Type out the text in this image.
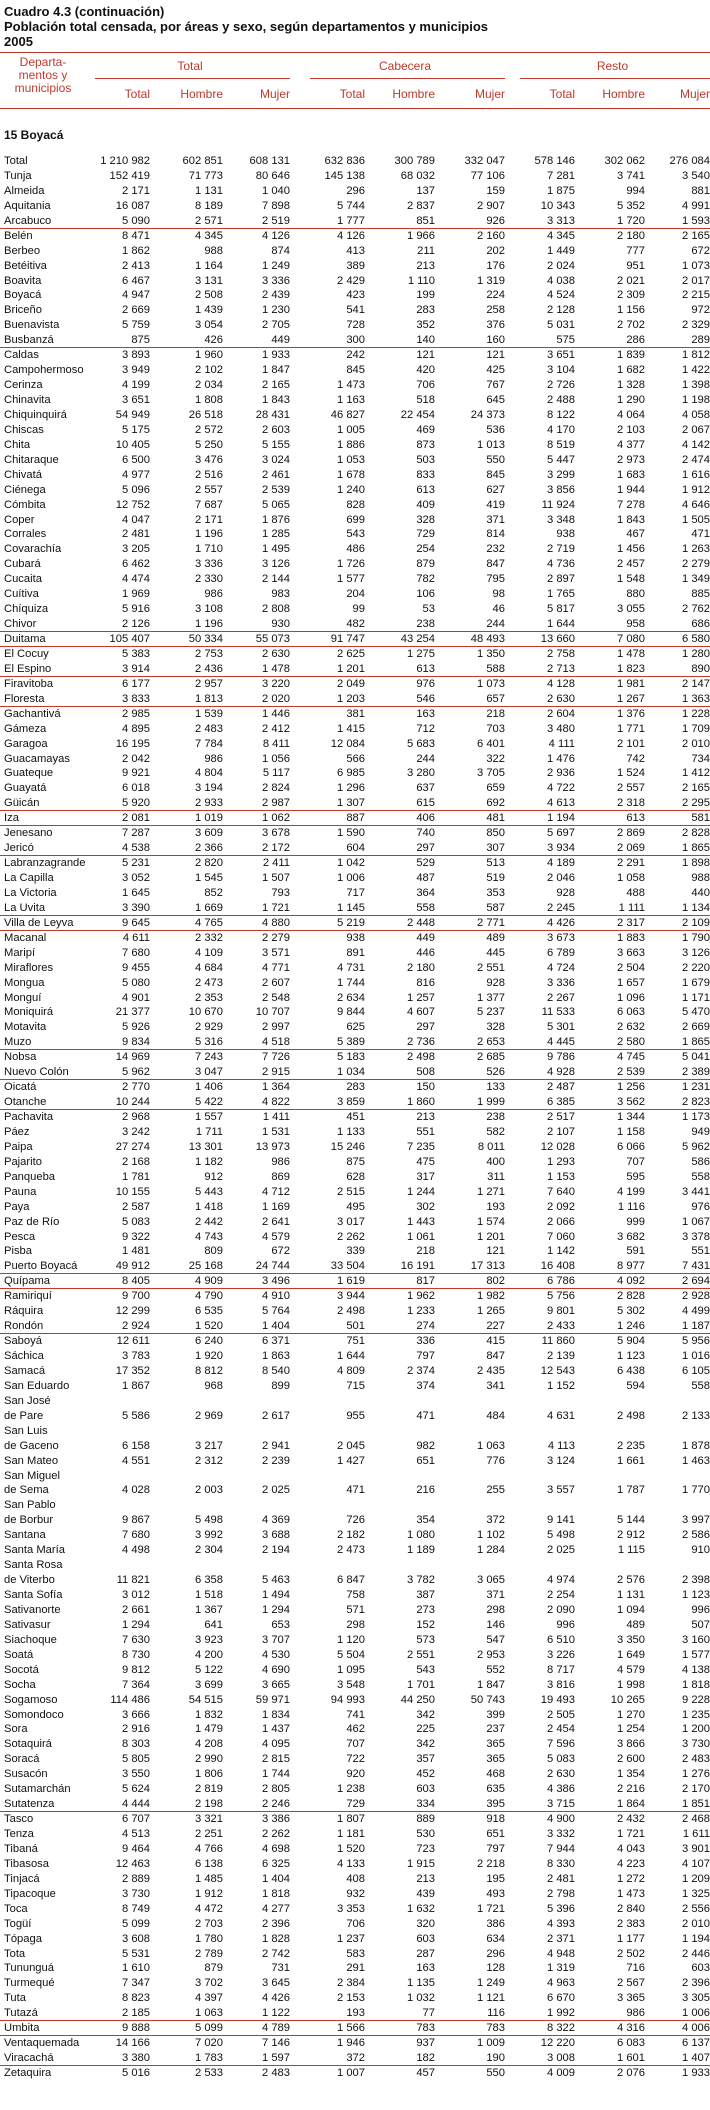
Cuadro 4.3 (continuación)
Población total censada, por áreas y sexo, según departamentos y municipios
2005
Departa-
mentos y
municipios
Total	Cabecera	Resto
Total	Hombre	Mujer	Total	Hombre	Mujer	Total	Hombre	Mujer
15 Boyacá
Total	1 210 982	602 851	608 131	632 836	300 789	332 047	578 146	302 062	276 084
Tunja	152 419	71 773	80 646	145 138	68 032	77 106	7 281	3 741	3 540
Almeida	2 171	1 131	1 040	296	137	159	1 875	994	881
Aquitania	16 087	8 189	7 898	5 744	2 837	2 907	10 343	5 352	4 991
Arcabuco	5 090	2 571	2 519	1 777	851	926	3 313	1 720	1 593
Belén	8 471	4 345	4 126	4 126	1 966	2 160	4 345	2 180	2 165
Berbeo	1 862	988	874	413	211	202	1 449	777	672
Betéitiva	2 413	1 164	1 249	389	213	176	2 024	951	1 073
Boavita	6 467	3 131	3 336	2 429	1 110	1 319	4 038	2 021	2 017
Boyacá	4 947	2 508	2 439	423	199	224	4 524	2 309	2 215
Briceño	2 669	1 439	1 230	541	283	258	2 128	1 156	972
Buenavista	5 759	3 054	2 705	728	352	376	5 031	2 702	2 329
Busbanzá	875	426	449	300	140	160	575	286	289
Caldas	3 893	1 960	1 933	242	121	121	3 651	1 839	1 812
Campohermoso	3 949	2 102	1 847	845	420	425	3 104	1 682	1 422
Cerinza	4 199	2 034	2 165	1 473	706	767	2 726	1 328	1 398
Chinavita	3 651	1 808	1 843	1 163	518	645	2 488	1 290	1 198
Chiquinquirá	54 949	26 518	28 431	46 827	22 454	24 373	8 122	4 064	4 058
Chiscas	5 175	2 572	2 603	1 005	469	536	4 170	2 103	2 067
Chita	10 405	5 250	5 155	1 886	873	1 013	8 519	4 377	4 142
Chitaraque	6 500	3 476	3 024	1 053	503	550	5 447	2 973	2 474
Chivatá	4 977	2 516	2 461	1 678	833	845	3 299	1 683	1 616
Ciénega	5 096	2 557	2 539	1 240	613	627	3 856	1 944	1 912
Cómbita	12 752	7 687	5 065	828	409	419	11 924	7 278	4 646
Coper	4 047	2 171	1 876	699	328	371	3 348	1 843	1 505
Corrales	2 481	1 196	1 285	543	729	814	938	467	471
Covarachía	3 205	1 710	1 495	486	254	232	2 719	1 456	1 263
Cubará	6 462	3 336	3 126	1 726	879	847	4 736	2 457	2 279
Cucaita	4 474	2 330	2 144	1 577	782	795	2 897	1 548	1 349
Cuítiva	1 969	986	983	204	106	98	1 765	880	885
Chíquiza	5 916	3 108	2 808	99	53	46	5 817	3 055	2 762
Chivor	2 126	1 196	930	482	238	244	1 644	958	686
Duitama	105 407	50 334	55 073	91 747	43 254	48 493	13 660	7 080	6 580
El Cocuy	5 383	2 753	2 630	2 625	1 275	1 350	2 758	1 478	1 280
El Espino	3 914	2 436	1 478	1 201	613	588	2 713	1 823	890
Firavitoba	6 177	2 957	3 220	2 049	976	1 073	4 128	1 981	2 147
Floresta	3 833	1 813	2 020	1 203	546	657	2 630	1 267	1 363
Gachantivá	2 985	1 539	1 446	381	163	218	2 604	1 376	1 228
Gámeza	4 895	2 483	2 412	1 415	712	703	3 480	1 771	1 709
Garagoa	16 195	7 784	8 411	12 084	5 683	6 401	4 111	2 101	2 010
Guacamayas	2 042	986	1 056	566	244	322	1 476	742	734
Guateque	9 921	4 804	5 117	6 985	3 280	3 705	2 936	1 524	1 412
Guayatá	6 018	3 194	2 824	1 296	637	659	4 722	2 557	2 165
Güicán	5 920	2 933	2 987	1 307	615	692	4 613	2 318	2 295
Iza	2 081	1 019	1 062	887	406	481	1 194	613	581
Jenesano	7 287	3 609	3 678	1 590	740	850	5 697	2 869	2 828
Jericó	4 538	2 366	2 172	604	297	307	3 934	2 069	1 865
Labranzagrande	5 231	2 820	2 411	1 042	529	513	4 189	2 291	1 898
La Capilla	3 052	1 545	1 507	1 006	487	519	2 046	1 058	988
La Victoria	1 645	852	793	717	364	353	928	488	440
La Uvita	3 390	1 669	1 721	1 145	558	587	2 245	1 111	1 134
Villa de Leyva	9 645	4 765	4 880	5 219	2 448	2 771	4 426	2 317	2 109
Macanal	4 611	2 332	2 279	938	449	489	3 673	1 883	1 790
Maripí	7 680	4 109	3 571	891	446	445	6 789	3 663	3 126
Miraflores	9 455	4 684	4 771	4 731	2 180	2 551	4 724	2 504	2 220
Mongua	5 080	2 473	2 607	1 744	816	928	3 336	1 657	1 679
Monguí	4 901	2 353	2 548	2 634	1 257	1 377	2 267	1 096	1 171
Moniquirá	21 377	10 670	10 707	9 844	4 607	5 237	11 533	6 063	5 470
Motavita	5 926	2 929	2 997	625	297	328	5 301	2 632	2 669
Muzo	9 834	5 316	4 518	5 389	2 736	2 653	4 445	2 580	1 865
Nobsa	14 969	7 243	7 726	5 183	2 498	2 685	9 786	4 745	5 041
Nuevo Colón	5 962	3 047	2 915	1 034	508	526	4 928	2 539	2 389
Oicatá	2 770	1 406	1 364	283	150	133	2 487	1 256	1 231
Otanche	10 244	5 422	4 822	3 859	1 860	1 999	6 385	3 562	2 823
Pachavita	2 968	1 557	1 411	451	213	238	2 517	1 344	1 173
Páez	3 242	1 711	1 531	1 133	551	582	2 107	1 158	949
Paipa	27 274	13 301	13 973	15 246	7 235	8 011	12 028	6 066	5 962
Pajarito	2 168	1 182	986	875	475	400	1 293	707	586
Panqueba	1 781	912	869	628	317	311	1 153	595	558
Pauna	10 155	5 443	4 712	2 515	1 244	1 271	7 640	4 199	3 441
Paya	2 587	1 418	1 169	495	302	193	2 092	1 116	976
Paz de Río	5 083	2 442	2 641	3 017	1 443	1 574	2 066	999	1 067
Pesca	9 322	4 743	4 579	2 262	1 061	1 201	7 060	3 682	3 378
Pisba	1 481	809	672	339	218	121	1 142	591	551
Puerto Boyacá	49 912	25 168	24 744	33 504	16 191	17 313	16 408	8 977	7 431
Quípama	8 405	4 909	3 496	1 619	817	802	6 786	4 092	2 694
Ramiriquí	9 700	4 790	4 910	3 944	1 962	1 982	5 756	2 828	2 928
Ráquira	12 299	6 535	5 764	2 498	1 233	1 265	9 801	5 302	4 499
Rondón	2 924	1 520	1 404	501	274	227	2 433	1 246	1 187
Saboyá	12 611	6 240	6 371	751	336	415	11 860	5 904	5 956
Sáchica	3 783	1 920	1 863	1 644	797	847	2 139	1 123	1 016
Samacá	17 352	8 812	8 540	4 809	2 374	2 435	12 543	6 438	6 105
San Eduardo	1 867	968	899	715	374	341	1 152	594	558
San José
de Pare	5 586	2 969	2 617	955	471	484	4 631	2 498	2 133
San Luis
de Gaceno	6 158	3 217	2 941	2 045	982	1 063	4 113	2 235	1 878
San Mateo	4 551	2 312	2 239	1 427	651	776	3 124	1 661	1 463
San Miguel
de Sema	4 028	2 003	2 025	471	216	255	3 557	1 787	1 770
San Pablo
de Borbur	9 867	5 498	4 369	726	354	372	9 141	5 144	3 997
Santana	7 680	3 992	3 688	2 182	1 080	1 102	5 498	2 912	2 586
Santa María	4 498	2 304	2 194	2 473	1 189	1 284	2 025	1 115	910
Santa Rosa
de Viterbo	11 821	6 358	5 463	6 847	3 782	3 065	4 974	2 576	2 398
Santa Sofía	3 012	1 518	1 494	758	387	371	2 254	1 131	1 123
Sativanorte	2 661	1 367	1 294	571	273	298	2 090	1 094	996
Sativasur	1 294	641	653	298	152	146	996	489	507
Siachoque	7 630	3 923	3 707	1 120	573	547	6 510	3 350	3 160
Soatá	8 730	4 200	4 530	5 504	2 551	2 953	3 226	1 649	1 577
Socotá	9 812	5 122	4 690	1 095	543	552	8 717	4 579	4 138
Socha	7 364	3 699	3 665	3 548	1 701	1 847	3 816	1 998	1 818
Sogamoso	114 486	54 515	59 971	94 993	44 250	50 743	19 493	10 265	9 228
Somondoco	3 666	1 832	1 834	741	342	399	2 505	1 270	1 235
Sora	2 916	1 479	1 437	462	225	237	2 454	1 254	1 200
Sotaquirá	8 303	4 208	4 095	707	342	365	7 596	3 866	3 730
Soracá	5 805	2 990	2 815	722	357	365	5 083	2 600	2 483
Susacón	3 550	1 806	1 744	920	452	468	2 630	1 354	1 276
Sutamarchán	5 624	2 819	2 805	1 238	603	635	4 386	2 216	2 170
Sutatenza	4 444	2 198	2 246	729	334	395	3 715	1 864	1 851
Tasco	6 707	3 321	3 386	1 807	889	918	4 900	2 432	2 468
Tenza	4 513	2 251	2 262	1 181	530	651	3 332	1 721	1 611
Tibaná	9 464	4 766	4 698	1 520	723	797	7 944	4 043	3 901
Tibasosa	12 463	6 138	6 325	4 133	1 915	2 218	8 330	4 223	4 107
Tinjacá	2 889	1 485	1 404	408	213	195	2 481	1 272	1 209
Tipacoque	3 730	1 912	1 818	932	439	493	2 798	1 473	1 325
Toca	8 749	4 472	4 277	3 353	1 632	1 721	5 396	2 840	2 556
Togüí	5 099	2 703	2 396	706	320	386	4 393	2 383	2 010
Tópaga	3 608	1 780	1 828	1 237	603	634	2 371	1 177	1 194
Tota	5 531	2 789	2 742	583	287	296	4 948	2 502	2 446
Tununguá	1 610	879	731	291	163	128	1 319	716	603
Turmequé	7 347	3 702	3 645	2 384	1 135	1 249	4 963	2 567	2 396
Tuta	8 823	4 397	4 426	2 153	1 032	1 121	6 670	3 365	3 305
Tutazá	2 185	1 063	1 122	193	77	116	1 992	986	1 006
Umbita	9 888	5 099	4 789	1 566	783	783	8 322	4 316	4 006
Ventaquemada	14 166	7 020	7 146	1 946	937	1 009	12 220	6 083	6 137
Viracachá	3 380	1 783	1 597	372	182	190	3 008	1 601	1 407
Zetaquira	5 016	2 533	2 483	1 007	457	550	4 009	2 076	1 933
